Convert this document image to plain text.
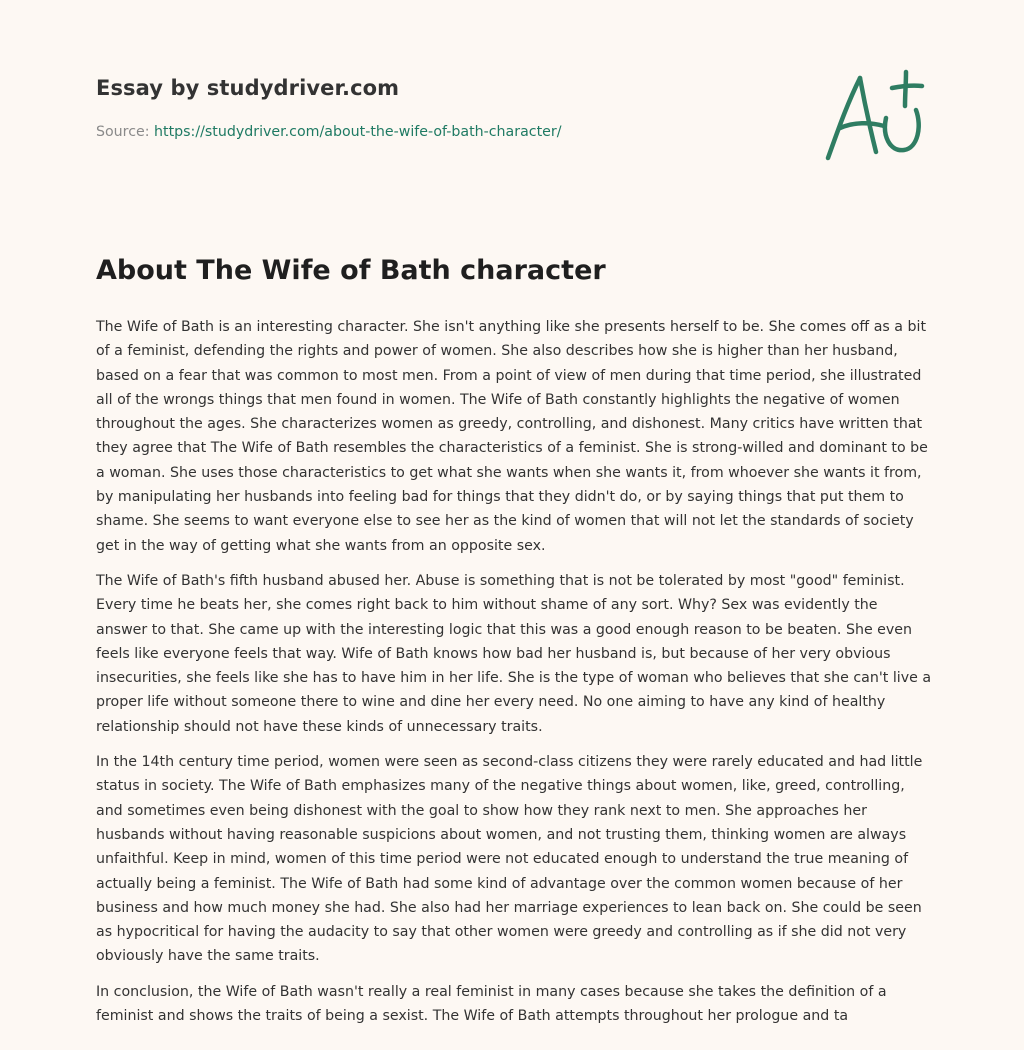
Essay by studydriver.com
Source: https://studydriver.com/about-the-wife-of-bath-character/
About The Wife of Bath character

The Wife of Bath is an interesting character. She isn't anything like she presents herself to be. She comes off as a bit of a feminist, defending the rights and power of women. She also describes how she is higher than her husband, based on a fear that was common to most men. From a point of view of men during that time period, she illustrated all of the wrongs things that men found in women. The Wife of Bath constantly highlights the negative of women throughout the ages. She characterizes women as greedy, controlling, and dishonest. Many critics have written that they agree that The Wife of Bath resembles the characteristics of a feminist. She is strong-willed and dominant to be a woman. She uses those characteristics to get what she wants when she wants it, from whoever she wants it from, by manipulating her husbands into feeling bad for things that they didn't do, or by saying things that put them to shame. She seems to want everyone else to see her as the kind of women that will not let the standards of society get in the way of getting what she wants from an opposite sex.

The Wife of Bath's fifth husband abused her. Abuse is something that is not be tolerated by most "good" feminist. Every time he beats her, she comes right back to him without shame of any sort. Why? Sex was evidently the answer to that. She came up with the interesting logic that this was a good enough reason to be beaten. She even feels like everyone feels that way. Wife of Bath knows how bad her husband is, but because of her very obvious insecurities, she feels like she has to have him in her life. She is the type of woman who believes that she can't live a proper life without someone there to wine and dine her every need. No one aiming to have any kind of healthy relationship should not have these kinds of unnecessary traits.

In the 14th century time period, women were seen as second-class citizens they were rarely educated and had little status in society. The Wife of Bath emphasizes many of the negative things about women, like, greed, controlling, and sometimes even being dishonest with the goal to show how they rank next to men. She approaches her husbands without having reasonable suspicions about women, and not trusting them, thinking women are always unfaithful. Keep in mind, women of this time period were not educated enough to understand the true meaning of actually being a feminist. The Wife of Bath had some kind of advantage over the common women because of her business and how much money she had. She also had her marriage experiences to lean back on. She could be seen as hypocritical for having the audacity to say that other women were greedy and controlling as if she did not very obviously have the same traits.

In conclusion, the Wife of Bath wasn't really a real feminist in many cases because she takes the definition of a feminist and shows the traits of being a sexist. The Wife of Bath attempts throughout her prologue and ta
